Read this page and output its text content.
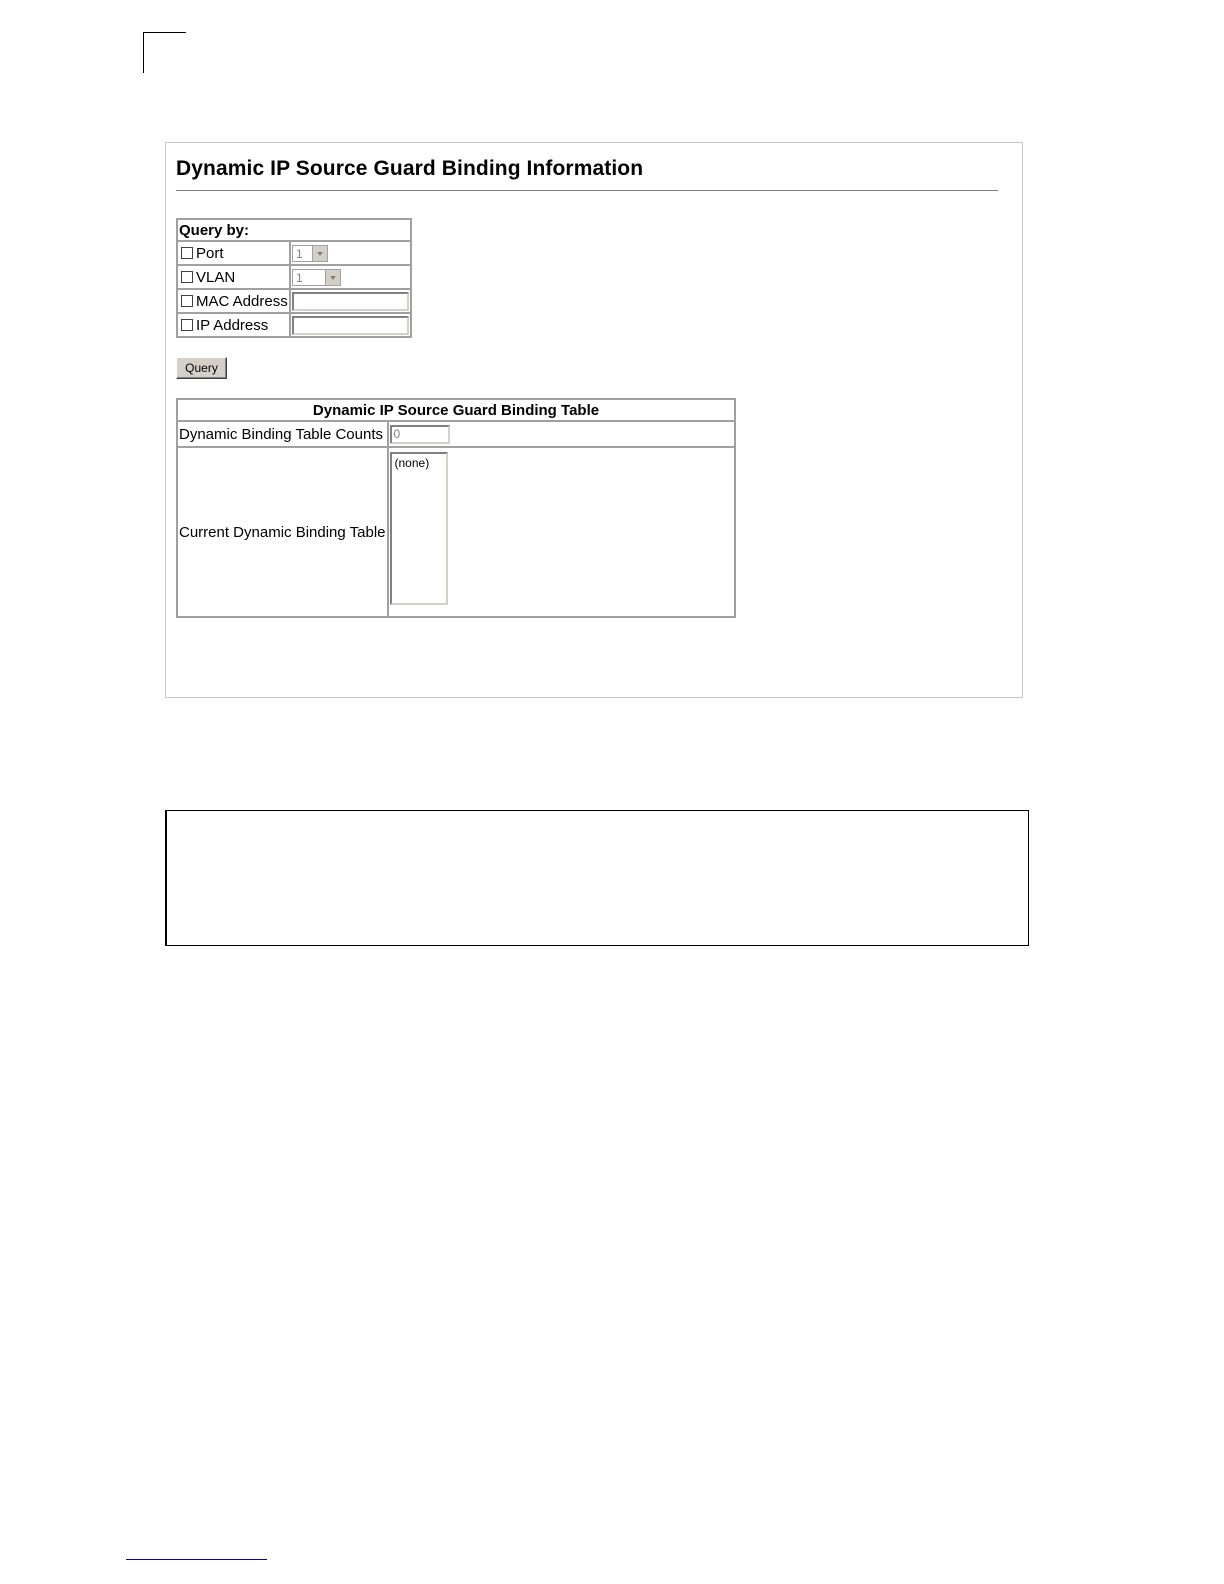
Dynamic IP Source Guard Binding Information
Query by:	
Port	1

VLAN	1

MAC Address	
IP Address	
Query
Dynamic IP Source Guard Binding Table	
Dynamic Binding Table Counts	0
Current Dynamic Binding Table	(none)
